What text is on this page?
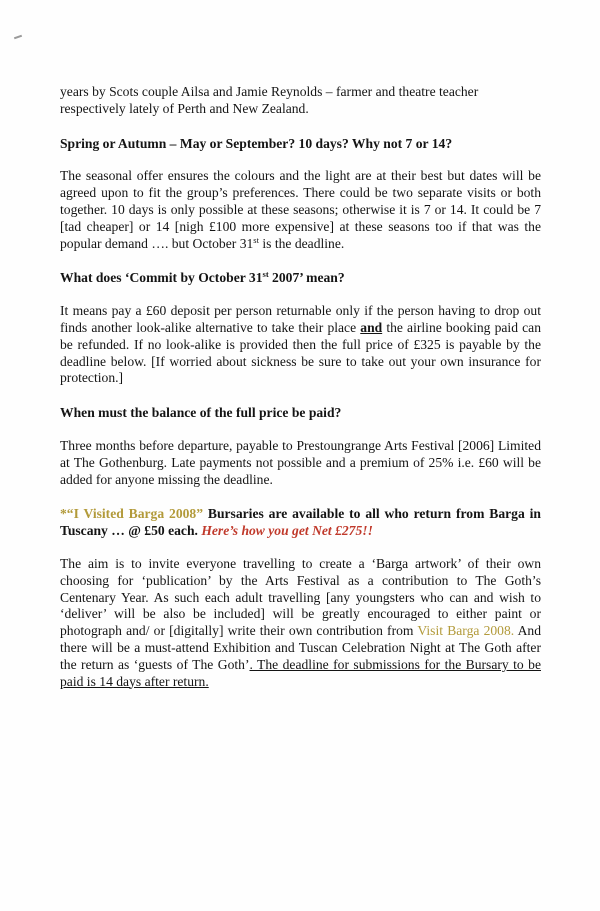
years by Scots couple Ailsa and Jamie Reynolds – farmer and theatre teacher

respectively lately of Perth and New Zealand.

Spring or Autumn – May or September? 10 days? Why not 7 or 14?

The seasonal offer ensures the colours and the light are at their best but dates will be agreed upon to fit the group’s preferences. There could be two separate visits or both together. 10 days is only possible at these seasons; otherwise it is 7 or 14. It could be 7 [tad cheaper] or 14 [nigh £100 more expensive] at these seasons too if that was the popular demand …. but October 31st is the deadline.

What does ‘Commit by October 31st 2007’ mean?

It means pay a £60 deposit per person returnable only if the person having to drop out finds another look-alike alternative to take their place and the airline booking paid can be refunded. If no look-alike is provided then the full price of £325 is payable by the deadline below. [If worried about sickness be sure to take out your own insurance for protection.]

When must the balance of the full price be paid?

Three months before departure, payable to Prestoungrange Arts Festival [2006] Limited at The Gothenburg. Late payments not possible and a premium of 25% i.e. £60 will be added for anyone missing the deadline.

*“I Visited Barga 2008” Bursaries are available to all who return from Barga in Tuscany … @ £50 each. Here’s how you get Net £275!!

The aim is to invite everyone travelling to create a ‘Barga artwork’ of their own choosing for ‘publication’ by the Arts Festival as a contribution to The Goth’s Centenary Year. As such each adult travelling [any youngsters who can and wish to ‘deliver’ will be also be included] will be greatly encouraged to either paint or photograph and/ or [digitally] write their own contribution from Visit Barga 2008. And there will be a must-attend Exhibition and Tuscan Celebration Night at The Goth after the return as ‘guests of The Goth’. The deadline for submissions for the Bursary to be paid is 14 days after return.
